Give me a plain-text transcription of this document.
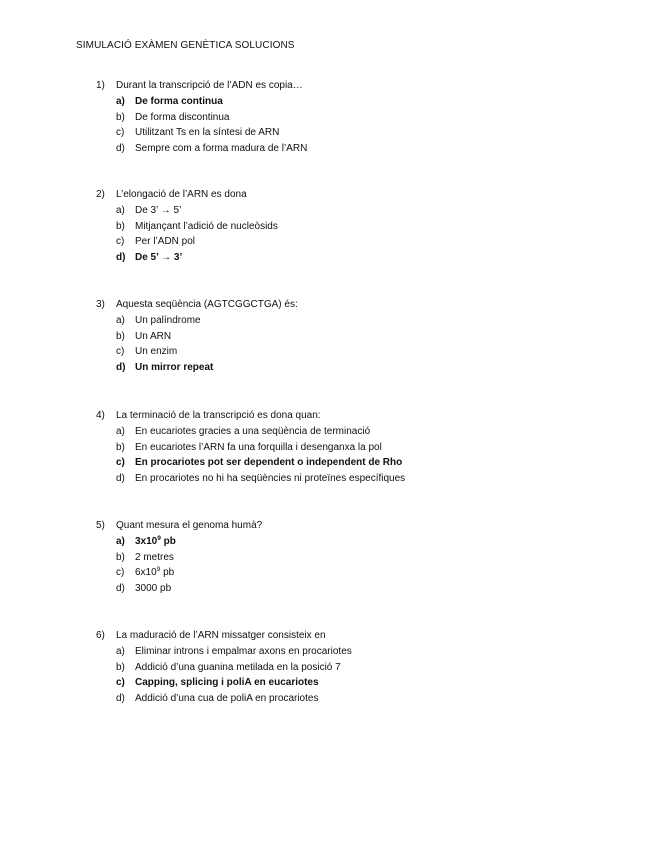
SIMULACIÓ EXÀMEN GENÈTICA SOLUCIONS
1)	Durant la transcripció de l’ADN es copia…
a)	De forma continua
b)	De forma discontinua
c)	Utilitzant Ts en la síntesi de ARN
d)	Sempre com a forma madura de l’ARN
2)	L’elongació de l’ARN es dona
a)	De 3’ → 5’
b)	Mitjançant l’adició de nucleòsids
c)	Per l’ADN pol
d) De 5’ → 3’
3)	Aquesta seqüència (AGTCGGCTGA) és:
a)	Un palíndrome
b)	Un ARN
c)	Un enzim
d) Un mirror repeat
4)	La terminació de la transcripció es dona quan:
a)	En eucariotes gracies a una seqüència de terminació
b)	En eucariotes l’ARN fa una forquilla i desenganxa la pol
c)	En procariotes pot ser dependent o independent de Rho
d)	En procariotes no hi ha seqüències ni proteïnes específiques
5)	Quant mesura el genoma humà?
a)	$3x10^9$ pb
b)	2 metres
c)	$6x10^9$ pb
d)	3000 pb
6)	La maduració de l’ARN missatger consisteix en
a)	Eliminar introns i empalmar axons en procariotes
b)	Addició d’una guanina metilada en la posició 7
c)	Capping, splicing i poliA en eucariotes
d)	Addició d’una cua de poliA en procariotes
